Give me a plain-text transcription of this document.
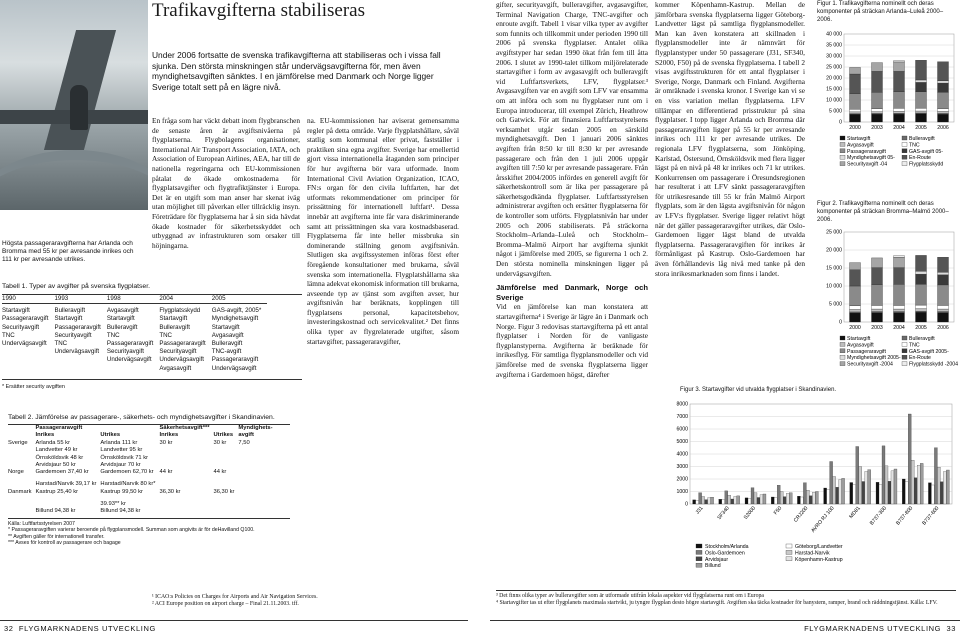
Högsta passageraravgifterna har Arlanda och Bromma med 55 kr per avresande inrikes och 111 kr per avresande utrikes.
Trafikavgifterna stabiliseras
Under 2006 fortsatte de svenska trafikavgifterna att stabiliseras och i vissa fall sjunka. Den största minskningen står undervägsavgifterna för, men även myndighetsavgiften sänktes. I en jämförelse med Danmark och Norge ligger Sverige totalt sett på en lägre nivå.
En fråga som har väckt debatt inom flygbranschen de senaste åren är avgiftsnivåerna på flygplatserna. Flygbolagens organisationer, International Air Transport Association, IATA, och Association of European Airlines, AEA, har till de nationella regeringarna och EU-kommissionen påtalat de ökade omkostnaderna för flygplatsavgifter och flygtrafiktjänster i Europa. Det är en utgift som man anser har skenat iväg utan möjlighet till påverkan eller tillräcklig insyn. Företrädare för flygplatserna har å sin sida hävdat ökade kostnader för säkerhetsskyddet och utbyggnad av infrastrukturen som orsaker till höjningarna.
na. EU-kommissionen har aviserat gemensamma regler på detta område. Varje flygplatshållare, såväl statlig som kommunal eller privat, fastställer i praktiken sina egna avgifter. Sverige har emellertid gjort vissa internationella åtaganden som principer för hur avgifterna bör vara utformade. Inom International Civil Aviation Organization, ICAO, FN:s organ för den civila luftfarten, har det utformats rekommendationer om principer för prissättning för internationell luftfart¹. Dessa innebär att avgifterna inte får vara diskriminerande samt att prissättningen ska vara kostnadsbaserad. Flygplatserna får inte heller missbruka sin dominerande ställning genom avgiftsnivån. Slutligen ska avgiftssystemen införas först efter föregående konsultationer med brukarna, såväl svenska som internationella. Flygplatshållarna ska lämna adekvat ekonomisk information till brukarna, avseende typ av tjänst som avgiften avser, hur avgiftsnivån har beräknats, kopplingen till flygplatsens personal, kapacitetsbehov, investeringskostnad och servicekvalitet.² Det finns olika typer av flygrelaterade utgifter, såsom startavgifter, passageraravgifter,
Tabell 1. Typer av avgifter på svenska flygplatser.
1990	1993	1998	2004	2005

Startavgift	Bulleravgift	Avgasavgift	Flygplatsskydd	GAS-avgift, 2005*
Passageraravgift	Startavgift	Startavgift	Startavgift	Myndighetsavgift
Securityavgift	Passageraravgift	Bulleravgift	Bulleravgift	Startavgift
TNC	Securityavgift	TNC	TNC	Avgasavgift
Undervägsavgift	TNC	Passageraravgift	Passageraravgift	Bulleravgift
	Undervägsavgift	Securityavgift	Securityavgift	TNC-avgift
		Undervägsavgift	Undervägsavgift	Passageraravgift
			Avgasavgift	Undervägsavgift
* Ersätter security avgiften
Tabell 2. Jämförelse av passagerare-, säkerhets- och myndighetsavgifter i Skandinavien.
	Passageraravgift		Säkerhetsavgift***		Myndighets-
	Inrikes	Utrikes	Inrikes	Utrikes	avgift
Sverige	Arlanda 55 kr	Arlanda 111 kr	30 kr	30 kr	7,50
	Landvetter 49 kr	Landvetter 95 kr			
	Örnsköldsvik 48 kr	Örnsköldsvik 71 kr			
	Arvidsjaur 50 kr	Arvidsjaur 70 kr			
Norge	Gardemoen 37,40 kr	Gardemoen 62,70 kr	44 kr	44 kr	
	Harstad/Narvik 39,17 kr	Harstad/Narvik 80 kr*			
Danmark	Kastrup 25,40 kr	Kastrup 99,50 kr	36,30 kr	36,30 kr	
		39.93** kr			
	Billund 94,38 kr	Billund 94,38 kr			
Källa: Luftfartsstyrelsen 2007
* Passageraravgiften varierar beroende på flygplansmodell. Summan som angivits är för deHavilland Q100.
** Avgiften gäller för internationell transfer.
*** Avses för kontroll av passagerare och bagage
¹ ICAO:s Policies on Charges for Airports and Air Navigation Services.
² ACI Europe position on airport charge – Final 21.11.2003. tff.
gifter, securityavgift, bulleravgifter, avgasavgifter, Terminal Navigation Charge, TNC-avgifter och enroute avgift. Tabell 1 visar vilka typer av avgifter som funnits och tillkommit under perioden 1990 till 2006 på svenska flygplatser. Antalet olika avgiftstyper har sedan 1990 ökat från fem till åtta 2006. I slutet av 1990-talet tillkom miljörelaterade startavgifter i form av avgasavgift och bulleravgift vid Luftfartsverkets, LFV, flygplatser.³ Avgasavgiften var en avgift som LFV var ensamma om att införa och som nu flygplatser runt om i Europa introducerar, till exempel Zürich, Heathrow och Gatwick. För att finansiera Luftfartsstyrelsens verksamhet utgår sedan 2005 en särskild myndighetsavgift. Den 1 januari 2006 sänktes avgiften från 8:50 kr till 8:30 kr per avresande passagerare och från den 1 juli 2006 uppgår avgiften till 7:50 kr per avresande passagerare. Från årsskiftet 2004/2005 infördes en generell avgift för säkerhetskontroll som är lika per passagerare på säkerhetsgodkända flygplatser. Luftfartsstyrelsen administrerar avgiften och ersätter flygplatserna för de kontroller som utförts. Flygplatsnivån har under 2005 och 2006 stabiliserats. På sträckorna Stockholm–Arlanda–Luleå och Stockholm–Bromma–Malmö Airport har avgifterna sjunkit något i jämförelse med 2005, se figurerna 1 och 2. Den största nominella minskningen ligger på undervägsavgiften.
Jämförelse med Danmark, Norge och Sverige
Vid en jämförelse kan man konstatera att startavgifterna⁴ i Sverige är lägre än i Danmark och Norge. Figur 3 redovisas startavgifterna på ett antal flygplatser i Norden för de vanligaste flygplanstyperna. Avgifterna är beräknade för inrikesflyg. För samtliga flygplansmodeller och vid jämförelse med de svenska flygplatserna ligger avgifterna i Gardemoen högst, därefter
kommer Köpenhamn-Kastrup. Mellan de jämförbara svenska flygplatserna ligger Göteborg-Landvetter lägst på samtliga flygplansmodeller. Man kan även konstatera att skillnaden i flygplansmodeller inte är nämnvärt för flygplanstyper under 50 passagerare (J31, SF340, S2000, F50) på de svenska flygplatserna. I tabell 2 visas avgiftsstrukturen för ett antal flygplatser i Sverige, Norge, Danmark och Finland. Avgifterna är omräknade i svenska kronor. I Sverige kan vi se en viss variation mellan flygplatserna. LFV tillämpar en differentierad prisstruktur på sina flygplatser. I topp ligger Arlanda och Bromma där passageraravgiften ligger på 55 kr per avresande inrikes och 111 kr per avresande utrikes. De regionala LFV flygplatserna, som Jönköping, Karlstad, Östersund, Örnsköldsvik med flera ligger lägst på en nivå på 48 kr inrikes och 71 kr utrikes. Konkurrensen om passagerare i Öresundsregionen har resulterat i att LFV sänkt passageraravgiften för utrikesresande till 55 kr från Malmö Airport flygplats, som är den lägsta avgiftsnivån för någon av LFV:s flygplatser. Sverige ligger relativt högt när det gäller passageraravgifter utrikes, där Oslo-Gardemoen ligger lägst bland de utvalda flygplatserna. Passageraravgiften för inrikes är förmånligast på Kastrup. Oslo-Gardemoen har även förhållandevis låg nivå med tanke på den stora inrikesmarknaden som finns i landet.
Figur 1. Trafikavgifterna nominellt och deras komponenter på sträckan Arlanda–Luleå 2000–2006.
0
5 000
10 000
15 000
20 000
25 000
30 000
35 000
40 000
2000 2003 2004 2005 2006
Startavgift	Bulleravgift
Avgasavgift	TNC
Passageraravgift	GAS-avgift 05-
Myndighetsavgift 05-	En-Route
Securityavgift -04	Flygplatsskydd
Figur 2. Trafikavgifterna nominellt och deras komponenter på sträckan Bromma–Malmö 2000–2006.
0
5 000
10 000
15 000
20 000
25 000
2000 2003 2004 2005 2006
Startavgift	Bulleravgift
Avgasavgift	TNC
Passageraravgift	GAS-avgift 2005-
Myndighetsavgift 2005- En-Route
Securityavgift -2004	Flygplatsskydd -2004
Figur 3. Startavgifter vid utvalda flygplatser i Skandinavien.
0
1000
2000
3000
4000
5000
6000
7000
8000
J31 SF340 S2000	F50 CRJ200 AVRO RJ 100 MD81 B737-300 B737-800 B737-600
Stockholm/Arlanda	Göteborg/Landvetter
Oslo-Gardemoen	Harstad-Narvik
Arvidsjaur	Köpenhamn-Kastrup
Billund
³ Det finns olika typer av bulleravgifter som är utformade utifrån lokala aspekter vid flygplatserna runt om i Europa
⁴ Startavgifter tas ut efter flygplanets maximala startvikt, ju tyngre flygplan desto högre startavgift. Avgiften ska täcka kostnader för banystem, ramper, brand och räddningstjänst. Källa: LFV.
32 FLYGMARKNADENS UTVECKLING	FLYGMARKNADENS UTVECKLING 33
